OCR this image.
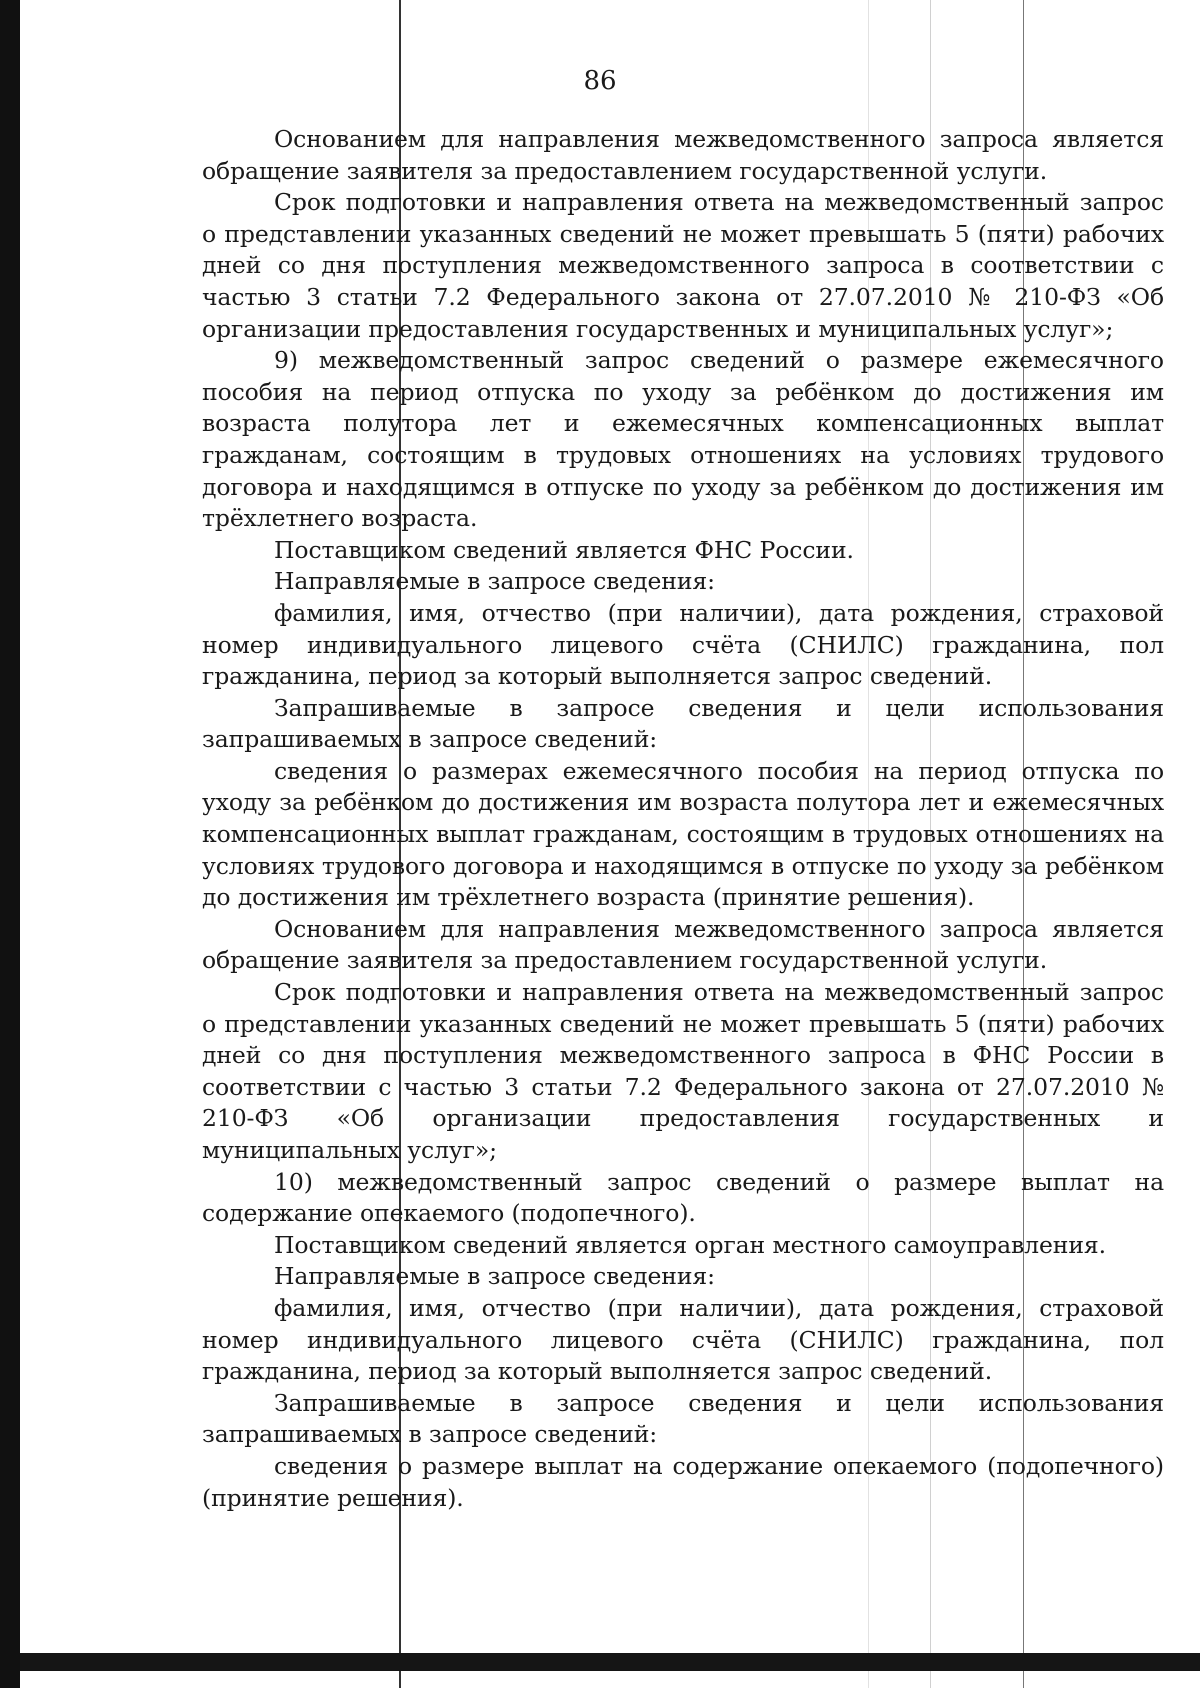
86

Основанием для направления межведомственного запроса является обращение заявителя за предоставлением государственной услуги.

Срок подготовки и направления ответа на межведомственный запрос о представлении указанных сведений не может превышать 5 (пяти) рабочих дней со дня поступления межведомственного запроса в соответствии с частью 3 статьи 7.2 Федерального закона от 27.07.2010 № 210-ФЗ «Об организации предоставления государственных и муниципальных услуг»;

9) межведомственный запрос сведений о размере ежемесячного пособия на период отпуска по уходу за ребёнком до достижения им возраста полутора лет и ежемесячных компенсационных выплат гражданам, состоящим в трудовых отношениях на условиях трудового договора и находящимся в отпуске по уходу за ребёнком до достижения им трёхлетнего возраста.

Поставщиком сведений является ФНС России.

Направляемые в запросе сведения:

фамилия, имя, отчество (при наличии), дата рождения, страховой номер индивидуального лицевого счёта (СНИЛС) гражданина, пол гражданина, период за который выполняется запрос сведений.

Запрашиваемые в запросе сведения и цели использования запрашиваемых в запросе сведений:

сведения о размерах ежемесячного пособия на период отпуска по уходу за ребёнком до достижения им возраста полутора лет и ежемесячных компенсационных выплат гражданам, состоящим в трудовых отношениях на условиях трудового договора и находящимся в отпуске по уходу за ребёнком до достижения им трёхлетнего возраста (принятие решения).

Основанием для направления межведомственного запроса является обращение заявителя за предоставлением государственной услуги.

Срок подготовки и направления ответа на межведомственный запрос о представлении указанных сведений не может превышать 5 (пяти) рабочих дней со дня поступления межведомственного запроса в ФНС России в соответствии с частью 3 статьи 7.2 Федерального закона от 27.07.2010 № 210-ФЗ «Об организации предоставления государственных и муниципальных услуг»;

10) межведомственный запрос сведений о размере выплат на содержание опекаемого (подопечного).

Поставщиком сведений является орган местного самоуправления.

Направляемые в запросе сведения:

фамилия, имя, отчество (при наличии), дата рождения, страховой номер индивидуального лицевого счёта (СНИЛС) гражданина, пол гражданина, период за который выполняется запрос сведений.

Запрашиваемые в запросе сведения и цели использования запрашиваемых в запросе сведений:

сведения о размере выплат на содержание опекаемого (подопечного) (принятие решения).
